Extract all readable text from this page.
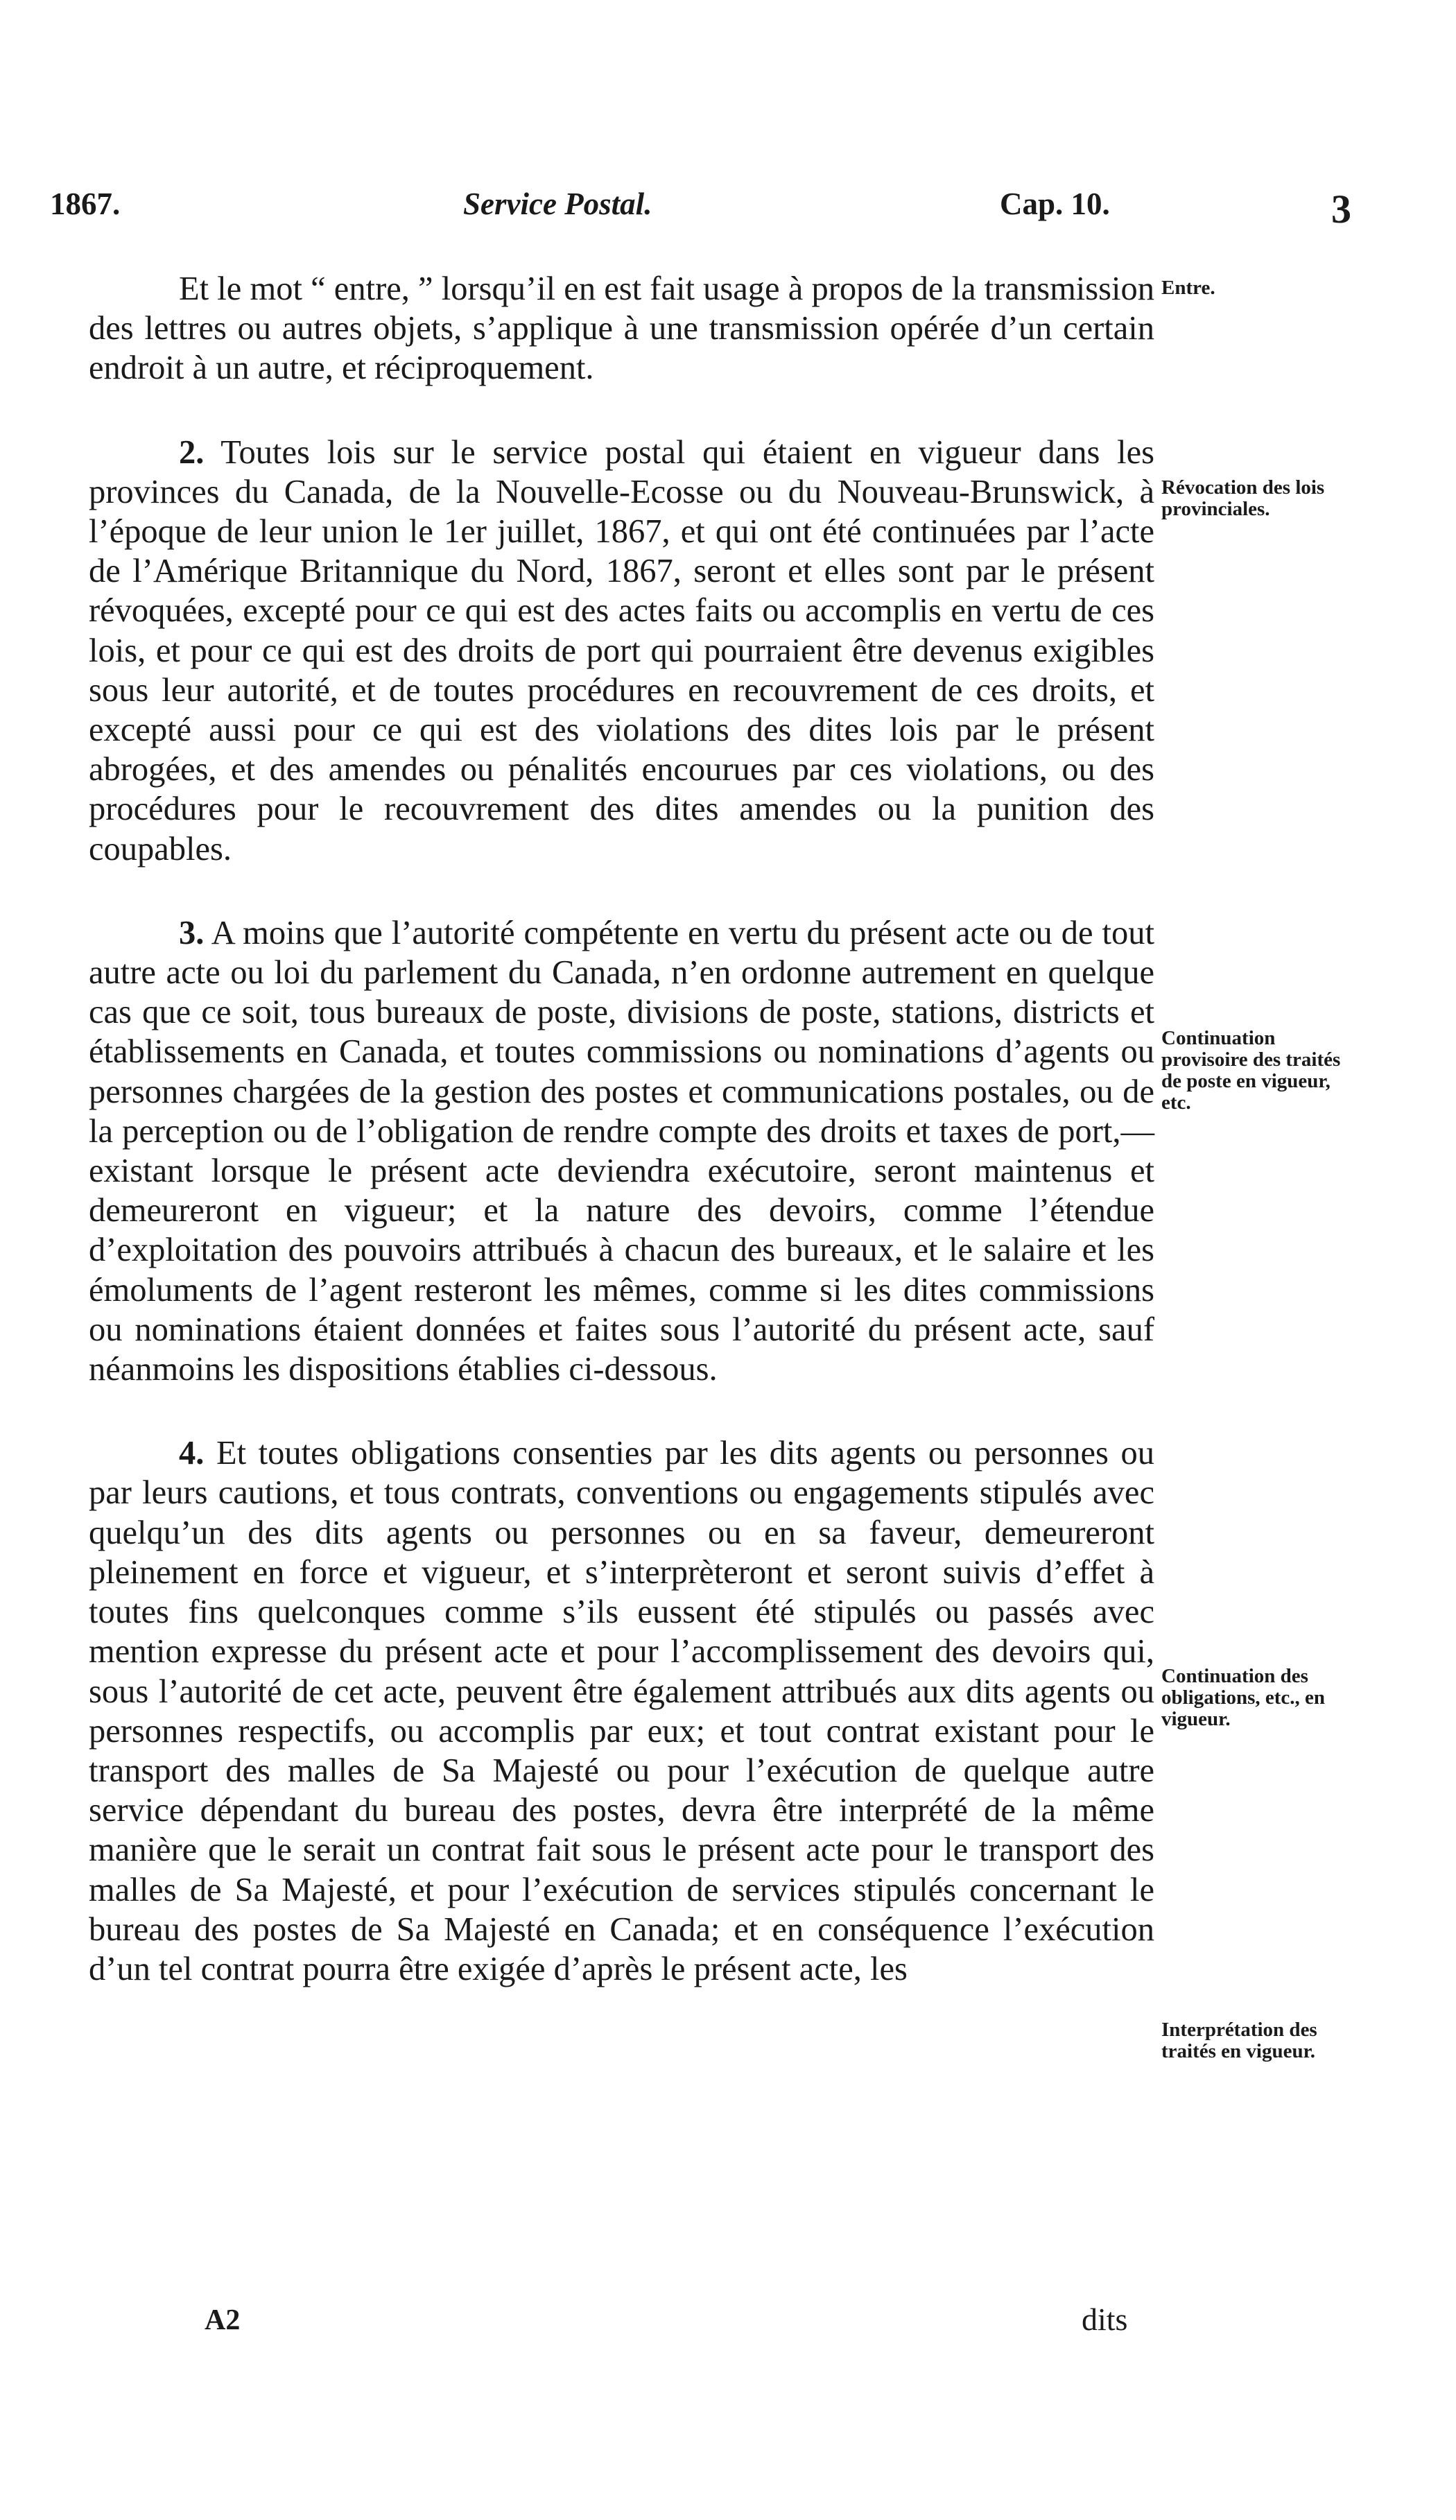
1867.	Service Postal.	Cap. 10.	3

Et le mot “ entre, ” lorsqu’il en est fait usage à propos de la transmission des lettres ou autres objets, s’applique à une transmission opérée d’un certain endroit à un autre, et réciproquement.

2. Toutes lois sur le service postal qui étaient en vigueur dans les provinces du Canada, de la Nouvelle-Ecosse ou du Nouveau-Brunswick, à l’époque de leur union le 1er juillet, 1867, et qui ont été continuées par l’acte de l’Amérique Britannique du Nord, 1867, seront et elles sont par le présent révoquées, excepté pour ce qui est des actes faits ou accomplis en vertu de ces lois, et pour ce qui est des droits de port qui pourraient être devenus exigibles sous leur autorité, et de toutes procédures en recouvrement de ces droits, et excepté aussi pour ce qui est des violations des dites lois par le présent abrogées, et des amendes ou pénalités encourues par ces violations, ou des procédures pour le recouvrement des dites amendes ou la punition des coupables.

3. A moins que l’autorité compétente en vertu du présent acte ou de tout autre acte ou loi du parlement du Canada, n’en ordonne autrement en quelque cas que ce soit, tous bureaux de poste, divisions de poste, stations, districts et établissements en Canada, et toutes commissions ou nominations d’agents ou personnes chargées de la gestion des postes et communications postales, ou de la perception ou de l’obligation de rendre compte des droits et taxes de port,—existant lorsque le présent acte deviendra exécutoire, seront maintenus et demeureront en vigueur; et la nature des devoirs, comme l’étendue d’exploitation des pouvoirs attribués à chacun des bureaux, et le salaire et les émoluments de l’agent resteront les mêmes, comme si les dites commissions ou nominations étaient données et faites sous l’autorité du présent acte, sauf néanmoins les dispositions établies ci-dessous.

4. Et toutes obligations consenties par les dits agents ou personnes ou par leurs cautions, et tous contrats, conventions ou engagements stipulés avec quelqu’un des dits agents ou personnes ou en sa faveur, demeureront pleinement en force et vigueur, et s’interprèteront et seront suivis d’effet à toutes fins quelconques comme s’ils eussent été stipulés ou passés avec mention expresse du présent acte et pour l’accomplissement des devoirs qui, sous l’autorité de cet acte, peuvent être également attribués aux dits agents ou personnes respectifs, ou accomplis par eux; et tout contrat existant pour le transport des malles de Sa Majesté ou pour l’exécution de quelque autre service dépendant du bureau des postes, devra être interprété de la même manière que le serait un contrat fait sous le présent acte pour le transport des malles de Sa Majesté, et pour l’exécution de services stipulés concernant le bureau des postes de Sa Majesté en Canada; et en conséquence l’exécution d’un tel contrat pourra être exigée d’après le présent acte, les

Entre.
Révocation des lois provinciales.
Continuation provisoire des traités de poste en vigueur, etc.
Continuation des obligations, etc., en vigueur.
Interprétation des traités en vigueur.
A2	dits
